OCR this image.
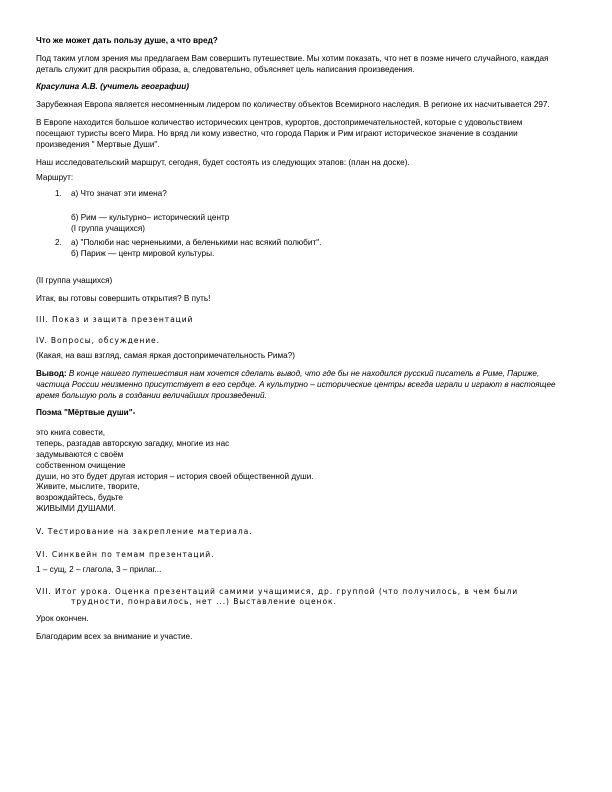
Что же может дать пользу душе, а что вред?

Под таким углом зрения мы предлагаем Вам совершить путешествие. Мы хотим показать, что нет в поэме ничего случайного, каждая деталь служит для раскрытия образа, а, следовательно, объясняет цель написания произведения.

Красулина А.В. (учитель географии)

Зарубежная Европа является несомненным лидером по количеству объектов Всемирного наследия. В регионе их насчитывается 297.

В Европе находится большое количество исторических центров, курортов, достопримечательностей, которые с удовольствием посещают туристы всего Мира. Но вряд ли кому известно, что города Париж и Рим играют историческое значение в создании произведения " Мертвые Души".

Наш исследовательский маршрут, сегодня, будет состоять из следующих этапов: (план на доске).

Маршрут:

1. а) Что значат эти имена?

б) Рим — культурно– исторический центр

(I группа учащихся)

2. а) "Полюби нас черненькими, а беленькими нас всякий полюбит".

б) Париж — центр мировой культуры.

(II группа учащихся)

Итак, вы готовы совершить открытия? В путь!

III. Показ и защита презентаций

IV. Вопросы, обсуждение.

(Какая, на ваш взгляд, самая яркая достопримечательность Рима?)

Вывод: В конце нашего путешествия нам хочется сделать вывод, что где бы не находился русский писатель в Риме, Париже, частица России неизменно присутствует в его сердце. А культурно – исторические центры всегда играли и играют в настоящее время большую роль в создании величайших произведений.

Поэма "Мёртвые души"-

это книга совести,

теперь, разгадав авторскую загадку, многие из нас

задумываются с своём

собственном очищение

души, но это будет другая история – история своей общественной души.

Живите, мыслите, творите,

возрождайтесь, будьте

ЖИВЫМИ ДУШАМИ.

V. Тестирование на закрепление материала.

VI. Синквейн по темам презентаций.

1 – сущ, 2 – глагола, 3 – прилаг...

VII. Итог урока. Оценка презентаций самими учащимися, др. группой (что получилось, в чем были трудности, понравилось, нет ...) Выставление оценок.

Урок окончен.

Благодарим всех за внимание и участие.
